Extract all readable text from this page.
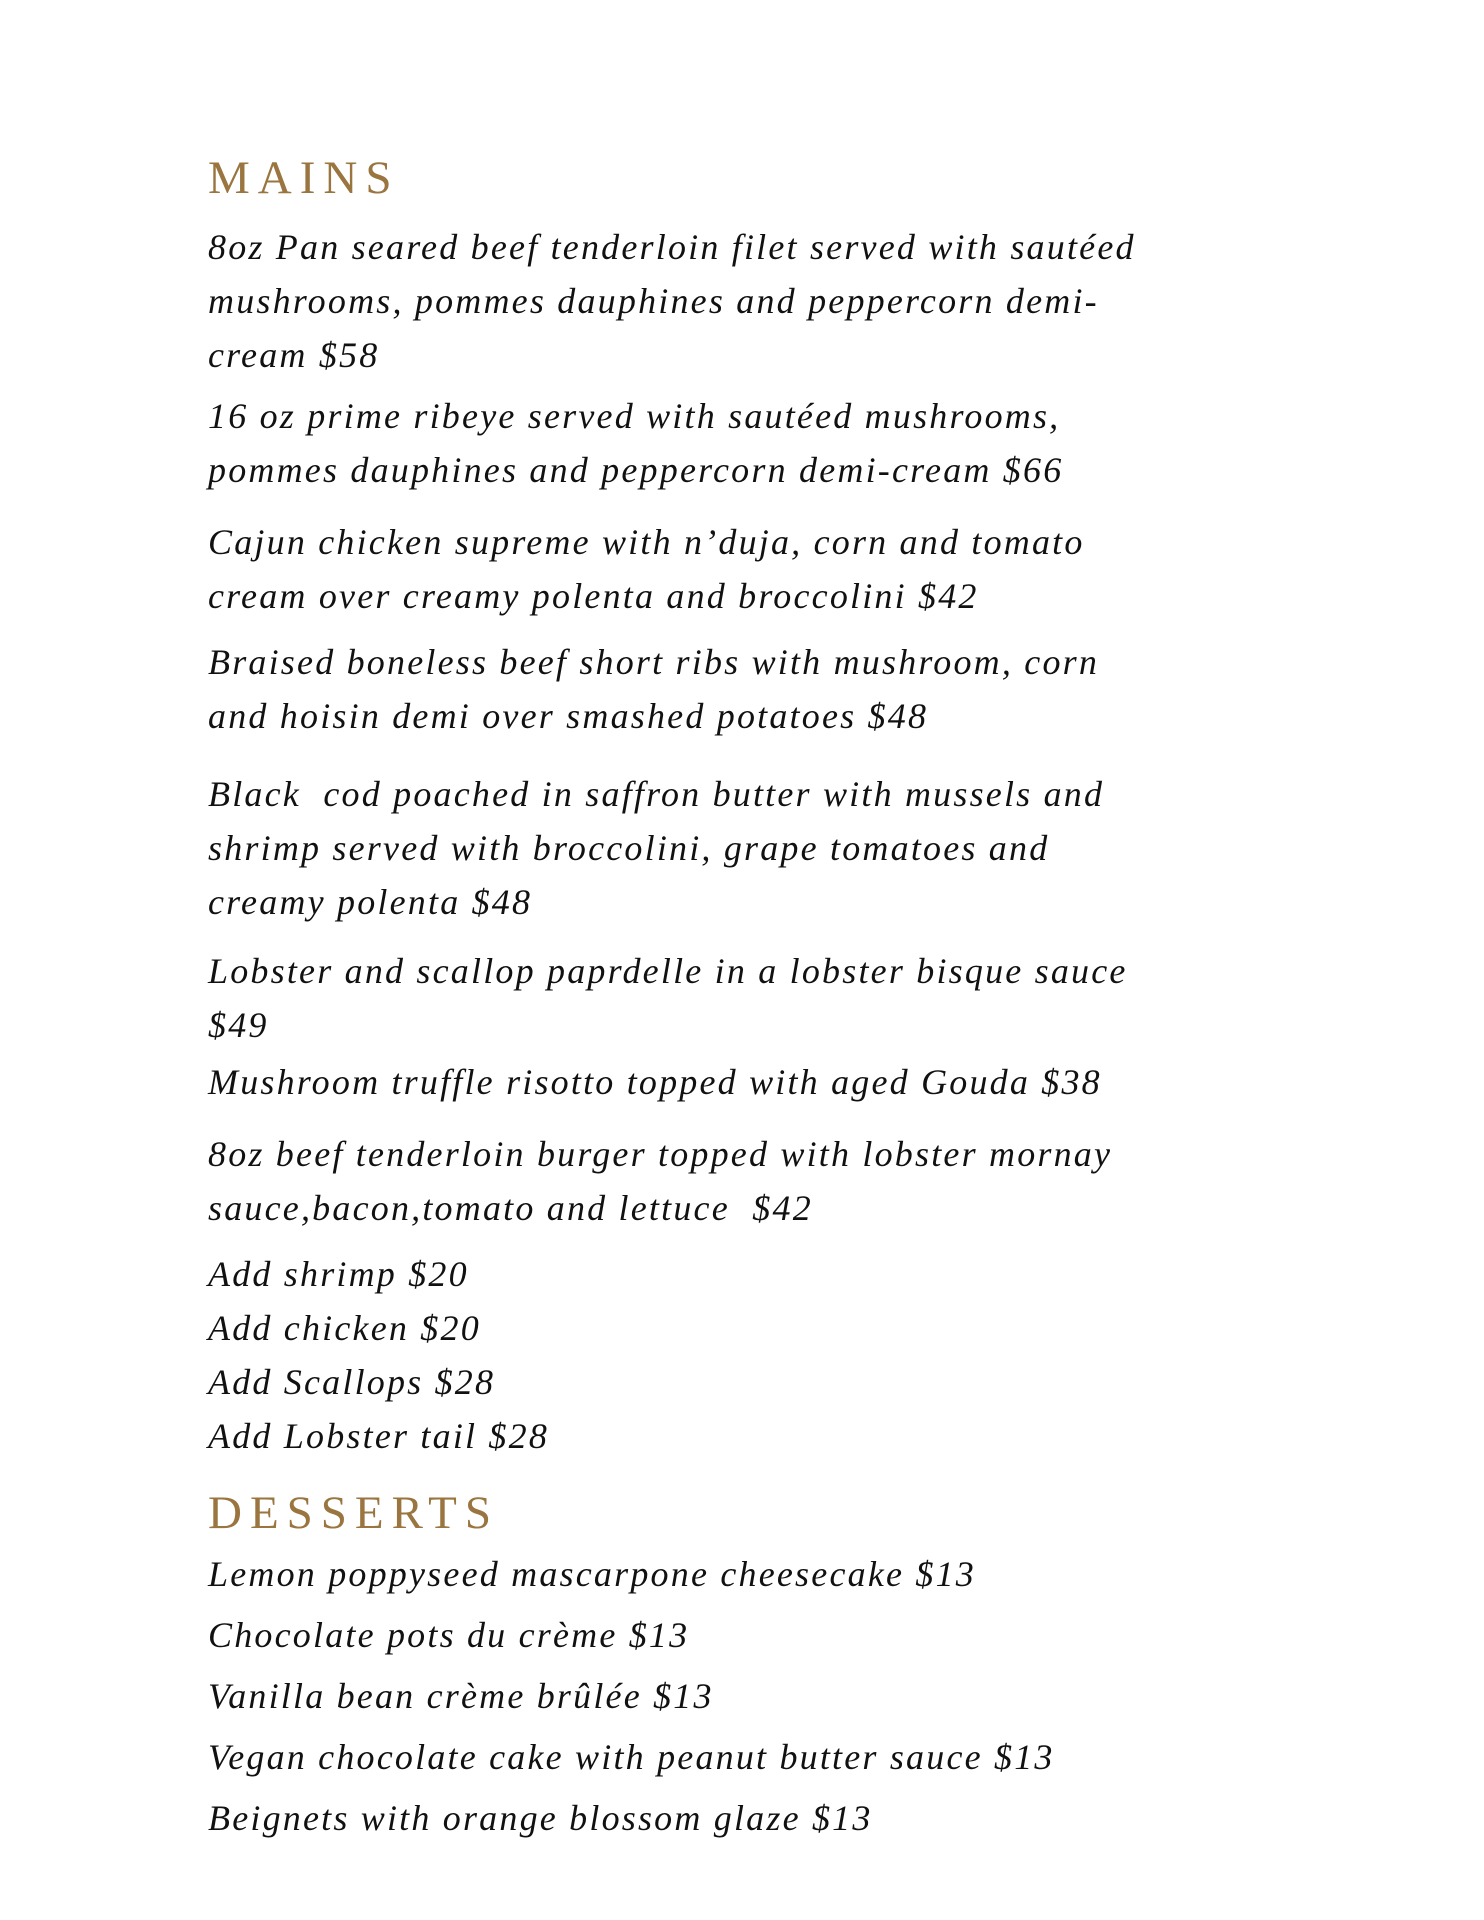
MAINS
8oz Pan seared beef tenderloin filet served with sautéed
mushrooms, pommes dauphines and peppercorn demi-
cream $58
16 oz prime ribeye served with sautéed mushrooms,
pommes dauphines and peppercorn demi-cream $66
Cajun chicken supreme with n’duja, corn and tomato
cream over creamy polenta and broccolini $42
Braised boneless beef short ribs with mushroom, corn
and hoisin demi over smashed potatoes $48
Black  cod poached in saffron butter with mussels and
shrimp served with broccolini, grape tomatoes and
creamy polenta $48
Lobster and scallop paprdelle in a lobster bisque sauce
$49
Mushroom truffle risotto topped with aged Gouda $38
8oz beef tenderloin burger topped with lobster mornay
sauce,bacon,tomato and lettuce  $42
Add shrimp $20
Add chicken $20
Add Scallops $28
Add Lobster tail $28
DESSERTS
Lemon poppyseed mascarpone cheesecake $13
Chocolate pots du crème $13
Vanilla bean crème brûlée $13
Vegan chocolate cake with peanut butter sauce $13
Beignets with orange blossom glaze $13
